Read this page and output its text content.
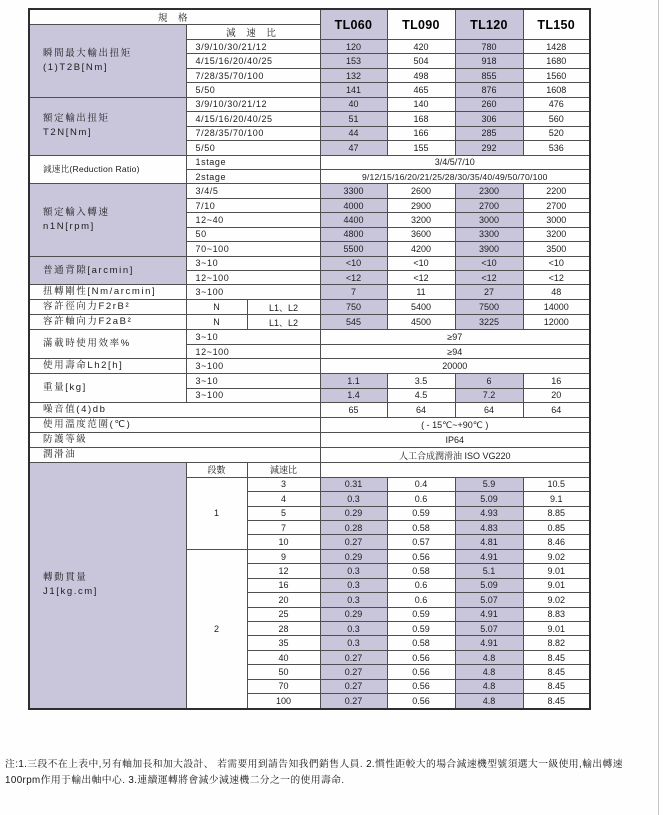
規 格			TL060	TL090	TL120	TL150

瞬間最大輸出扭矩
(1)T2B[Nm]	減 速 比					
	3/9/10/30/21/12		120	420	780	1428
	4/15/16/20/40/25		153	504	918	1680
	7/28/35/70/100		132	498	855	1560
	5/50		141	465	876	1608

額定輸出扭矩
T2N[Nm]	3/9/10/30/21/12		40	140	260	476
	4/15/16/20/40/25		51	168	306	560
	7/28/35/70/100		44	166	285	520
	5/50		47	155	292	536
減速比(Reduction Ratio)	1stage		3/4/5/7/10			
	2stage		9/12/15/16/20/21/25/28/30/35/40/49/50/70/100			

額定輸入轉速
n1N[rpm]	3/4/5		3300	2600	2300	2200
	7/10		4000	2900	2700	2700
	12~40		4400	3200	3000	3000
	50		4800	3600	3300	3200
	70~100		5500	4200	3900	3500
普通背隙[arcmin]	3~10		<10	<10	<10	<10
	12~100		<12	<12	<12	<12
扭轉剛性[Nm/arcmin]	3~100		7	11	27	48
容許徑向力F2rB²	N	L1、L2	750	5400	7500	14000
容許軸向力F2aB²	N	L1、L2	545	4500	3225	12000
滿載時使用效率%	3~10		≥97			
	12~100		≥94			
使用壽命Lh2[h]	3~100		20000			
重量[kg]	3~10		1.1	3.5	6	16
	3~100		1.4	4.5	7.2	20
噪音值(4)db			65	64	64	64
使用溫度范圍(℃)			( - 15℃~+90℃ )			
防護等級			IP64			
潤滑油			人工合成潤滑油 ISO VG220			

轉動貫量
J1[kg.cm]	段數	減速比				
	1	3	0.31	0.4	5.9	10.5
		4	0.3	0.6	5.09	9.1
		5	0.29	0.59	4.93	8.85
		7	0.28	0.58	4.83	0.85
		10	0.27	0.57	4.81	8.46
	2	9	0.29	0.56	4.91	9.02
		12	0.3	0.58	5.1	9.01
		16	0.3	0.6	5.09	9.01
		20	0.3	0.6	5.07	9.02
		25	0.29	0.59	4.91	8.83
		28	0.3	0.59	5.07	9.01
		35	0.3	0.58	4.91	8.82
		40	0.27	0.56	4.8	8.45
		50	0.27	0.56	4.8	8.45
		70	0.27	0.56	4.8	8.45
		100	0.27	0.56	4.8	8.45
注:1.三段不在上表中,另有軸加長和加大設計、 若需要用到請告知我們銷售人員. 2.慣性距較大的場合減速機型號須選大一級使用,輸出轉速100rpm作用于輸出軸中心. 3.連續運轉將會減少減速機二分之一的使用壽命.
